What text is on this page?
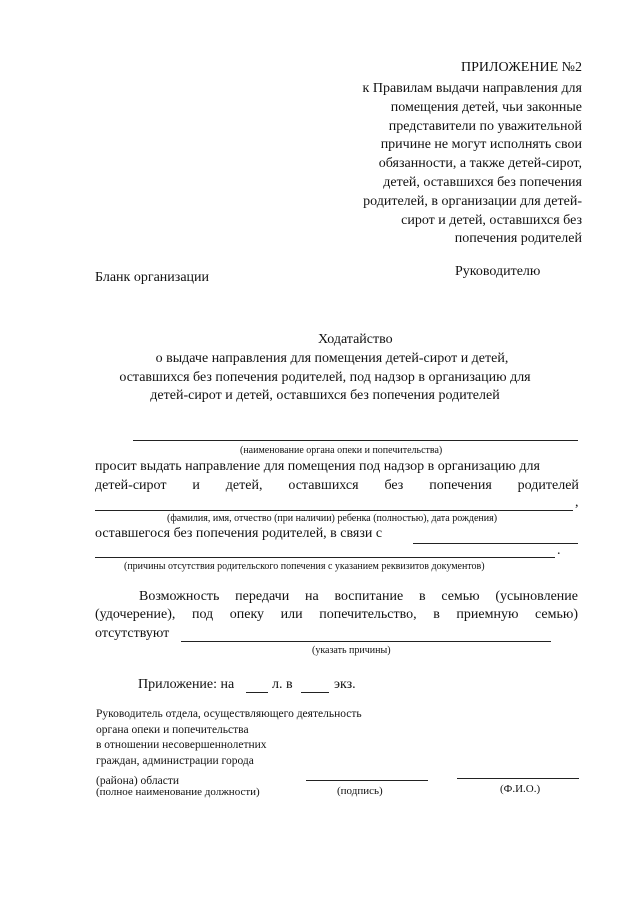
ПРИЛОЖЕНИЕ №2
к Правилам выдачи направления для
помещения детей, чьи законные
представители по уважительной
причине не могут исполнять свои
обязанности, а также детей-сирот,
детей, оставшихся без попечения
родителей, в организации для детей-
сирот и детей, оставшихся без
попечения родителей
Бланк организации	Руководителю
Ходатайство
о выдаче направления для помещения детей-сирот и детей,
оставшихся без попечения родителей, под надзор в организацию для
детей-сирот и детей, оставшихся без попечения родителей
(наименование органа опеки и попечительства)
просит выдать направление для помещения под надзор в организацию для
детей-сирот и детей, оставшихся без попечения родителей
,
(фамилия, имя, отчество (при наличии) ребенка (полностью), дата рождения)
оставшегося без попечения родителей, в связи с
.
(причины отсутствия родительского попечения с указанием реквизитов документов)
Возможность передачи на воспитание в семью (усыновление
(удочерение), под опеку или попечительство, в приемную семью)
отсутствуют
(указать причины)
Приложение: на	л. в	экз.
Руководитель отдела, осуществляющего деятельность
органа опеки и попечительства
в отношении несовершеннолетних
граждан, администрации города
(района) области
(полное наименование должности)	(подпись)	(Ф.И.О.)
